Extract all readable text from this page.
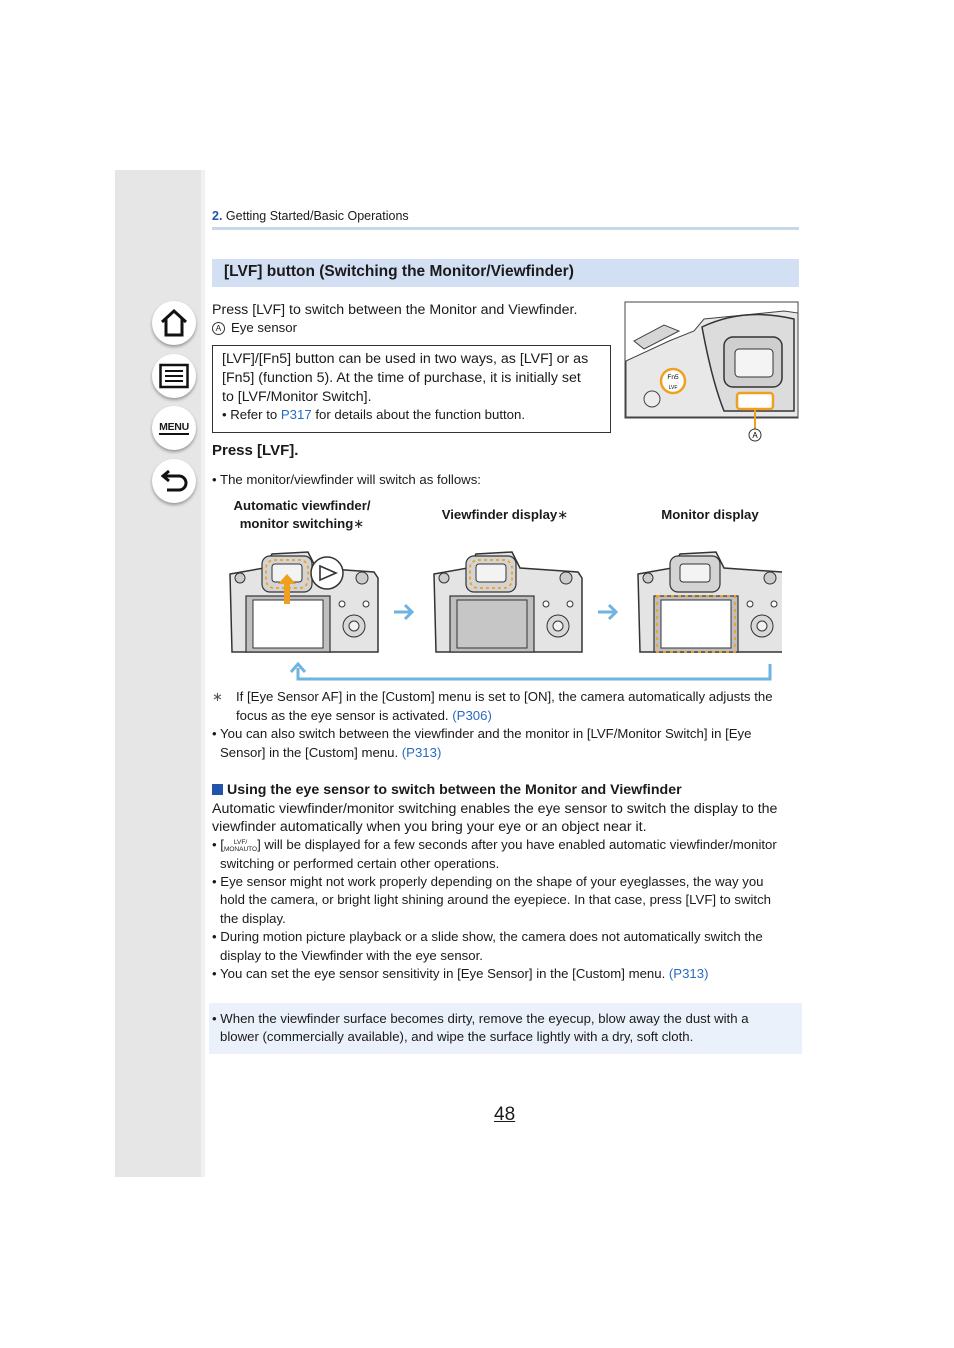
MENU
2. Getting Started/Basic Operations
[LVF] button (Switching the Monitor/Viewfinder)
Press [LVF] to switch between the Monitor and Viewfinder.
A Eye sensor
[LVF]/[Fn5] button can be used in two ways, as [LVF] or as
[Fn5] (function 5). At the time of purchase, it is initially set
to [LVF/Monitor Switch].
• Refer to P317 for details about the function button.
Fn5
LVF
A
Press [LVF].
• The monitor/viewfinder will switch as follows:
Automatic viewfinder/
monitor switching∗
Viewfinder display∗	Monitor display
∗ If [Eye Sensor AF] in the [Custom] menu is set to [ON], the camera automatically adjusts the
focus as the eye sensor is activated. (P306)
• You can also switch between the viewfinder and the monitor in [LVF/Monitor Switch] in [Eye
Sensor] in the [Custom] menu. (P313)
Using the eye sensor to switch between the Monitor and Viewfinder
Automatic viewfinder/monitor switching enables the eye sensor to switch the display to the
viewfinder automatically when you bring your eye or an object near it.
• [	LVF/
MONAUTO ] will be displayed for a few seconds after you have enabled automatic viewfinder/monitor
switching or performed certain other operations.
• Eye sensor might not work properly depending on the shape of your eyeglasses, the way you
hold the camera, or bright light shining around the eyepiece. In that case, press [LVF] to switch
the display.
• During motion picture playback or a slide show, the camera does not automatically switch the
display to the Viewfinder with the eye sensor.
• You can set the eye sensor sensitivity in [Eye Sensor] in the [Custom] menu. (P313)
• When the viewfinder surface becomes dirty, remove the eyecup, blow away the dust with a
blower (commercially available), and wipe the surface lightly with a dry, soft cloth.
48
